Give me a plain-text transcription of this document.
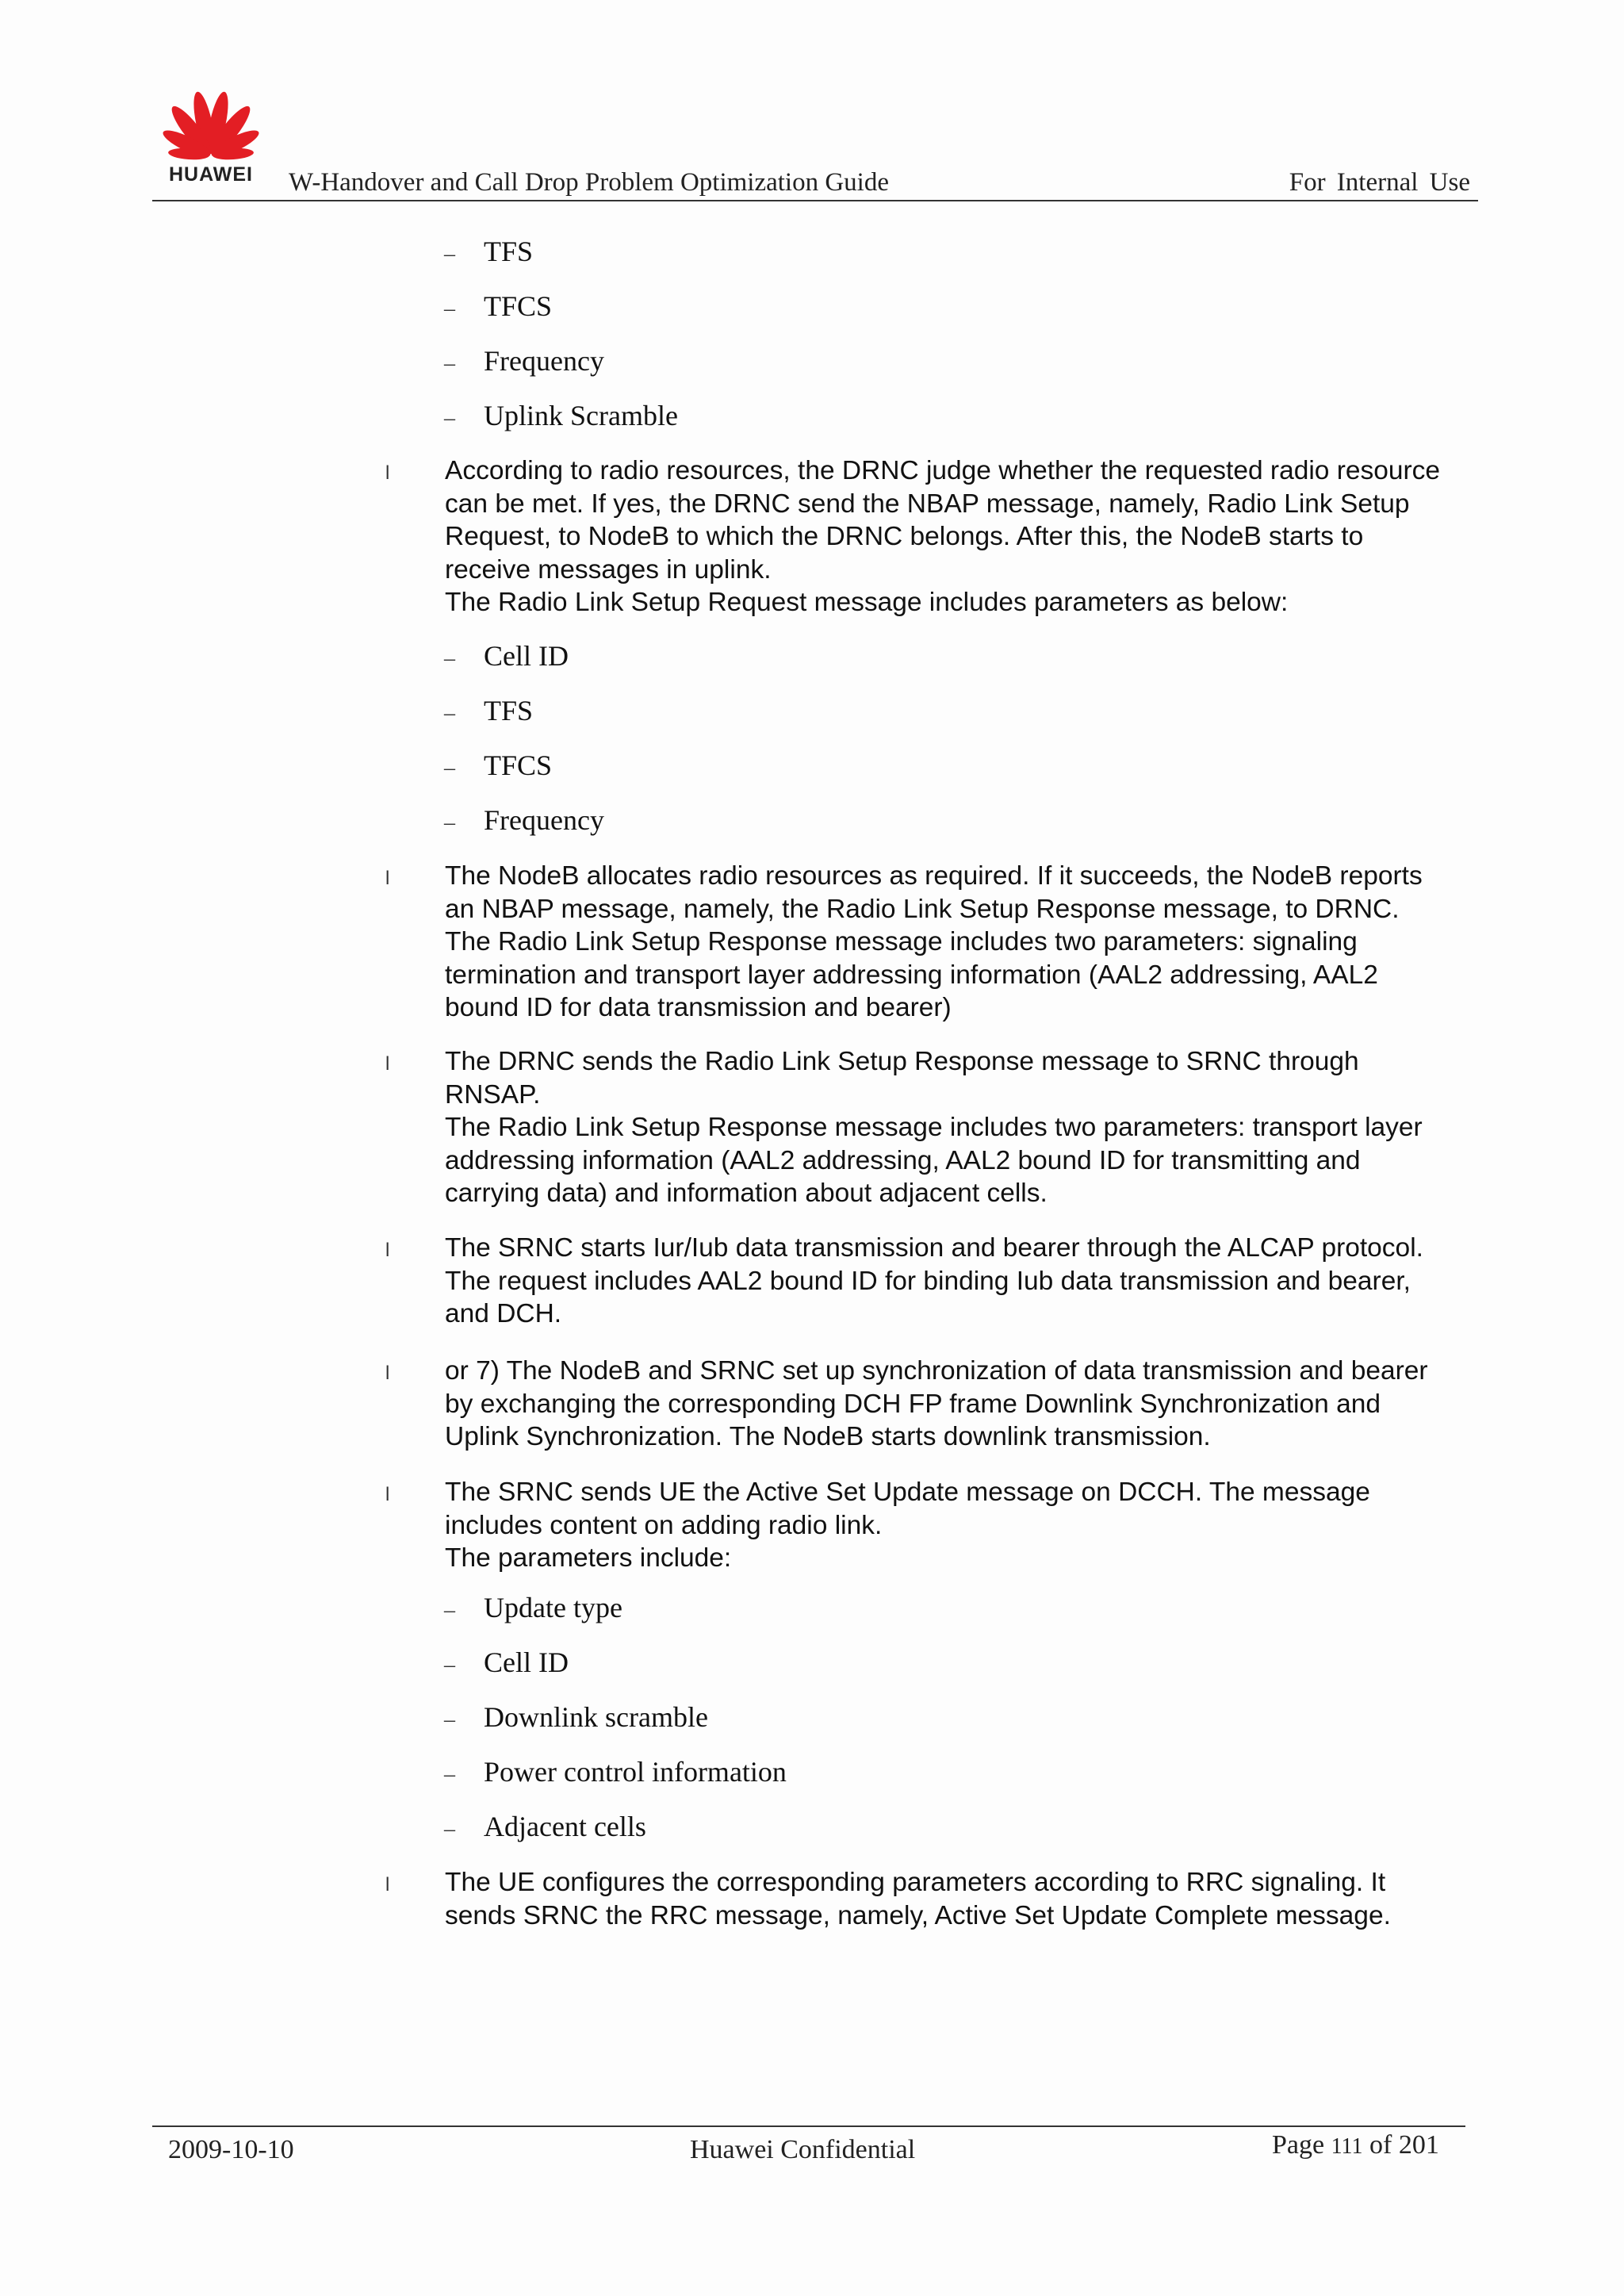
HUAWEI	W-Handover and Call Drop Problem Optimization Guide	For Internal Use
– TFS
– TFCS
– Frequency
– Uplink Scramble
l According to radio resources, the DRNC judge whether the requested radio resource
can be met. If yes, the DRNC send the NBAP message, namely, Radio Link Setup
Request, to NodeB to which the DRNC belongs. After this, the NodeB starts to
receive messages in uplink.
The Radio Link Setup Request message includes parameters as below:
– Cell ID
– TFS
– TFCS
– Frequency
l The NodeB allocates radio resources as required. If it succeeds, the NodeB reports
an NBAP message, namely, the Radio Link Setup Response message, to DRNC.
The Radio Link Setup Response message includes two parameters: signaling
termination and transport layer addressing information (AAL2 addressing, AAL2
bound ID for data transmission and bearer)
l The DRNC sends the Radio Link Setup Response message to SRNC through
RNSAP.
The Radio Link Setup Response message includes two parameters: transport layer
addressing information (AAL2 addressing, AAL2 bound ID for transmitting and
carrying data) and information about adjacent cells.
l The SRNC starts Iur/Iub data transmission and bearer through the ALCAP protocol.
The request includes AAL2 bound ID for binding Iub data transmission and bearer,
and DCH.
l or 7) The NodeB and SRNC set up synchronization of data transmission and bearer
by exchanging the corresponding DCH FP frame Downlink Synchronization and
Uplink Synchronization. The NodeB starts downlink transmission.
l The SRNC sends UE the Active Set Update message on DCCH. The message
includes content on adding radio link.
The parameters include:
– Update type
– Cell ID
– Downlink scramble
– Power control information
– Adjacent cells
l The UE configures the corresponding parameters according to RRC signaling. It
sends SRNC the RRC message, namely, Active Set Update Complete message.
2009-10-10	Huawei Confidential	Page 111 of 201
